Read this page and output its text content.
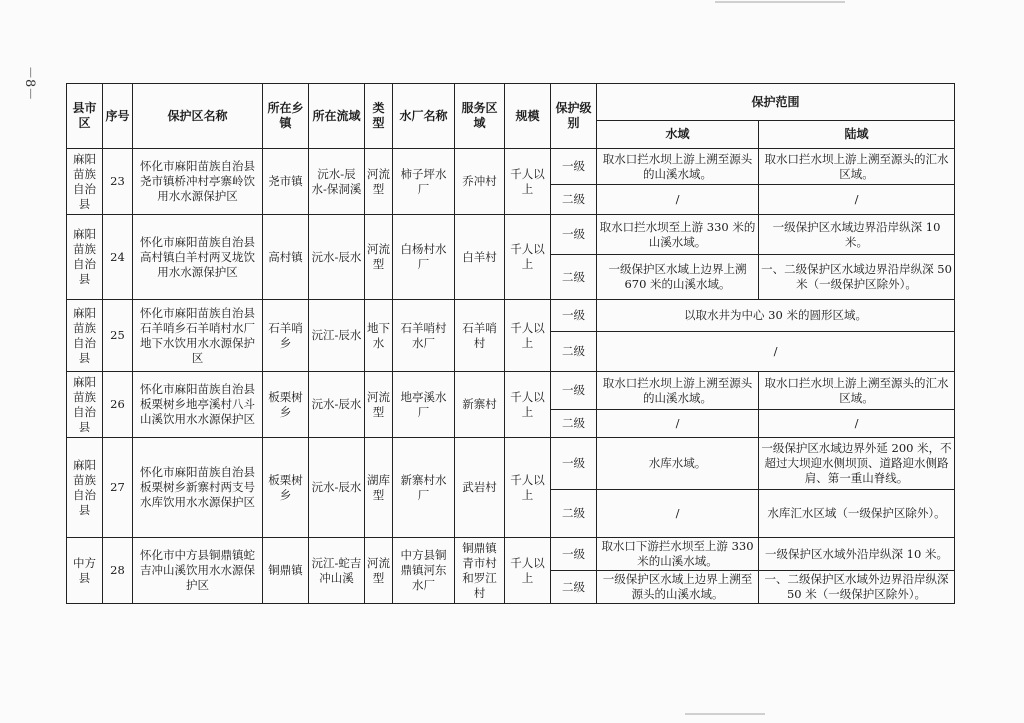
－8－
县市区	序号	保护区名称	所在乡镇	所在流域	类型	水厂名称	服务区域	规模	保护级别	保护范围	
										水域	陆域
麻阳苗族自治县	23	怀化市麻阳苗族自治县尧市镇桥冲村亭寨岭饮用水水源保护区	尧市镇	沅水-辰水-保洞溪	河流型	柿子坪水厂	乔冲村	千人以上	一级	取水口拦水坝上游上溯至源头的山溪水域。	取水口拦水坝上游上溯至源头的汇水区域。
									二级	/	/
麻阳苗族自治县	24	怀化市麻阳苗族自治县高村镇白羊村两叉垅饮用水水源保护区	高村镇	沅水-辰水	河流型	白杨村水厂	白羊村	千人以上	一级	取水口拦水坝至上游 330 米的山溪水域。	一级保护区水域边界沿岸纵深 10 米。
									二级	一级保护区水域上边界上溯 670 米的山溪水域。	一、二级保护区水域边界沿岸纵深 50 米（一级保护区除外）。
麻阳苗族自治县	25	怀化市麻阳苗族自治县石羊哨乡石羊哨村水厂地下水饮用水水源保护区	石羊哨乡	沅江-辰水	地下水	石羊哨村水厂	石羊哨村	千人以上	一级	以取水井为中心 30 米的圆形区域。	
									二级	/	
麻阳苗族自治县	26	怀化市麻阳苗族自治县板栗树乡地亭溪村八斗山溪饮用水水源保护区	板栗树乡	沅水-辰水	河流型	地亭溪水厂	新寨村	千人以上	一级	取水口拦水坝上游上溯至源头的山溪水域。	取水口拦水坝上游上溯至源头的汇水区域。
									二级	/	/
麻阳苗族自治县	27	怀化市麻阳苗族自治县板栗树乡新寨村两支号水库饮用水水源保护区	板栗树乡	沅水-辰水	湖库型	新寨村水厂	武岩村	千人以上	一级	水库水域。	一级保护区水域边界外延 200 米，不超过大坝迎水侧坝顶、道路迎水侧路肩、第一重山脊线。
									二级	/	水库汇水区域（一级保护区除外）。
中方县	28	怀化市中方县铜鼎镇蛇吉冲山溪饮用水水源保护区	铜鼎镇	沅江-蛇吉冲山溪	河流型	中方县铜鼎镇河东水厂	铜鼎镇青市村和罗江村	千人以上	一级	取水口下游拦水坝至上游 330 米的山溪水域。	一级保护区水域外沿岸纵深 10 米。
									二级	一级保护区水域上边界上溯至源头的山溪水域。	一、二级保护区水域外边界沿岸纵深 50 米（一级保护区除外）。
